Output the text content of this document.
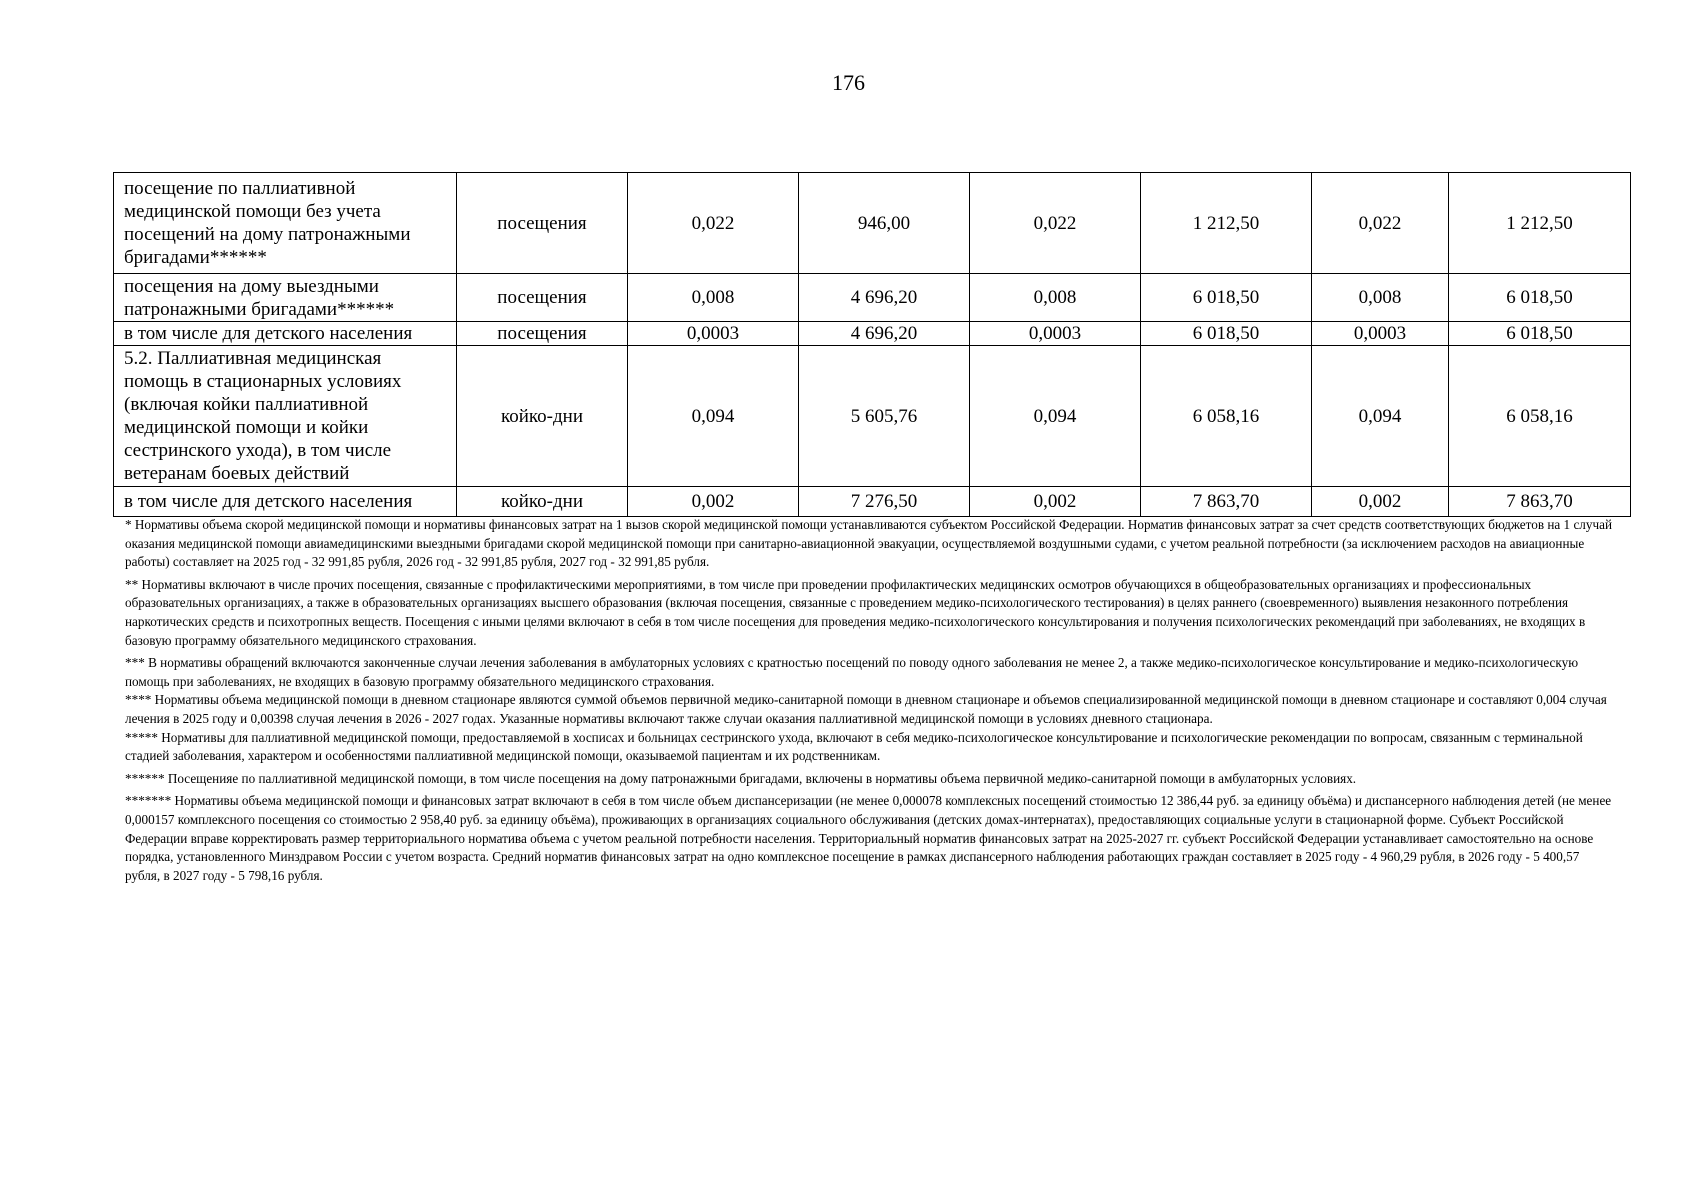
176
посещение по паллиативной медицинской помощи без учета посещений на дому патронажными бригадами******	посещения	0,022	946,00	0,022	1 212,50	0,022	1 212,50
посещения на дому выездными патронажными бригадами******	посещения	0,008	4 696,20	0,008	6 018,50	0,008	6 018,50
в том числе для детского населения	посещения	0,0003	4 696,20	0,0003	6 018,50	0,0003	6 018,50
5.2. Паллиативная медицинская помощь в стационарных условиях (включая койки паллиативной медицинской помощи и койки сестринского ухода), в том числе ветеранам боевых действий	койко-дни	0,094	5 605,76	0,094	6 058,16	0,094	6 058,16
в том числе для детского населения	койко-дни	0,002	7 276,50	0,002	7 863,70	0,002	7 863,70

* Нормативы объема скорой медицинской помощи и нормативы финансовых затрат на 1 вызов скорой медицинской помощи устанавливаются субъектом Российской Федерации. Норматив финансовых затрат за счет средств соответствующих бюджетов на 1 случай оказания медицинской помощи авиамедицинскими выездными бригадами скорой медицинской помощи при санитарно-авиационной эвакуации, осуществляемой воздушными судами, с учетом реальной потребности (за исключением расходов на авиационные работы) составляет на 2025 год - 32 991,85 рубля, 2026 год - 32 991,85 рубля, 2027 год - 32 991,85 рубля.

** Нормативы включают в числе прочих посещения, связанные с профилактическими мероприятиями, в том числе при проведении профилактических медицинских осмотров обучающихся в общеобразовательных организациях и профессиональных образовательных организациях, а также в образовательных организациях высшего образования (включая посещения, связанные с проведением медико-психологического тестирования) в целях раннего (своевременного) выявления незаконного потребления наркотических средств и психотропных веществ. Посещения с иными целями включают в себя в том числе посещения для проведения медико-психологического консультирования и получения психологических рекомендаций при заболеваниях, не входящих в базовую программу обязательного медицинского страхования.

*** В нормативы обращений включаются законченные случаи лечения заболевания в амбулаторных условиях с кратностью посещений по поводу одного заболевания не менее 2, а также медико-психологическое консультирование и медико-психологическую помощь при заболеваниях, не входящих в базовую программу обязательного медицинского страхования.

**** Нормативы объема медицинской помощи в дневном стационаре являются суммой объемов первичной медико-санитарной помощи в дневном стационаре и объемов специализированной медицинской помощи в дневном стационаре и составляют 0,004 случая лечения в 2025 году и 0,00398 случая лечения в 2026 - 2027 годах. Указанные нормативы включают также случаи оказания паллиативной медицинской помощи в условиях дневного стационара.

***** Нормативы для паллиативной медицинской помощи, предоставляемой в хосписах и больницах сестринского ухода, включают в себя медико-психологическое консультирование и психологические рекомендации по вопросам, связанным с терминальной стадией заболевания, характером и особенностями паллиативной медицинской помощи, оказываемой пациентам и их родственникам.

****** Посещенияе по паллиативной медицинской помощи, в том числе посещения на дому патронажными бригадами, включены в нормативы объема первичной медико-санитарной помощи в амбулаторных условиях.

******* Нормативы объема медицинской помощи и финансовых затрат включают в себя в том числе объем диспансеризации (не менее 0,000078 комплексных посещений стоимостью 12 386,44 руб. за единицу объёма) и диспансерного наблюдения детей (не менее 0,000157 комплексного посещения со стоимостью 2 958,40 руб. за единицу объёма), проживающих в организациях социального обслуживания (детских домах-интернатах), предоставляющих социальные услуги в стационарной форме. Субъект Российской Федерации вправе корректировать размер территориального норматива объема с учетом реальной потребности населения. Территориальный норматив финансовых затрат на 2025-2027 гг. субъект Российской Федерации устанавливает самостоятельно на основе порядка, установленного Минздравом России с учетом возраста. Средний норматив финансовых затрат на одно комплексное посещение в рамках диспансерного наблюдения работающих граждан составляет в 2025 году - 4 960,29 рубля, в 2026 году - 5 400,57 рубля, в 2027 году - 5 798,16 рубля.
